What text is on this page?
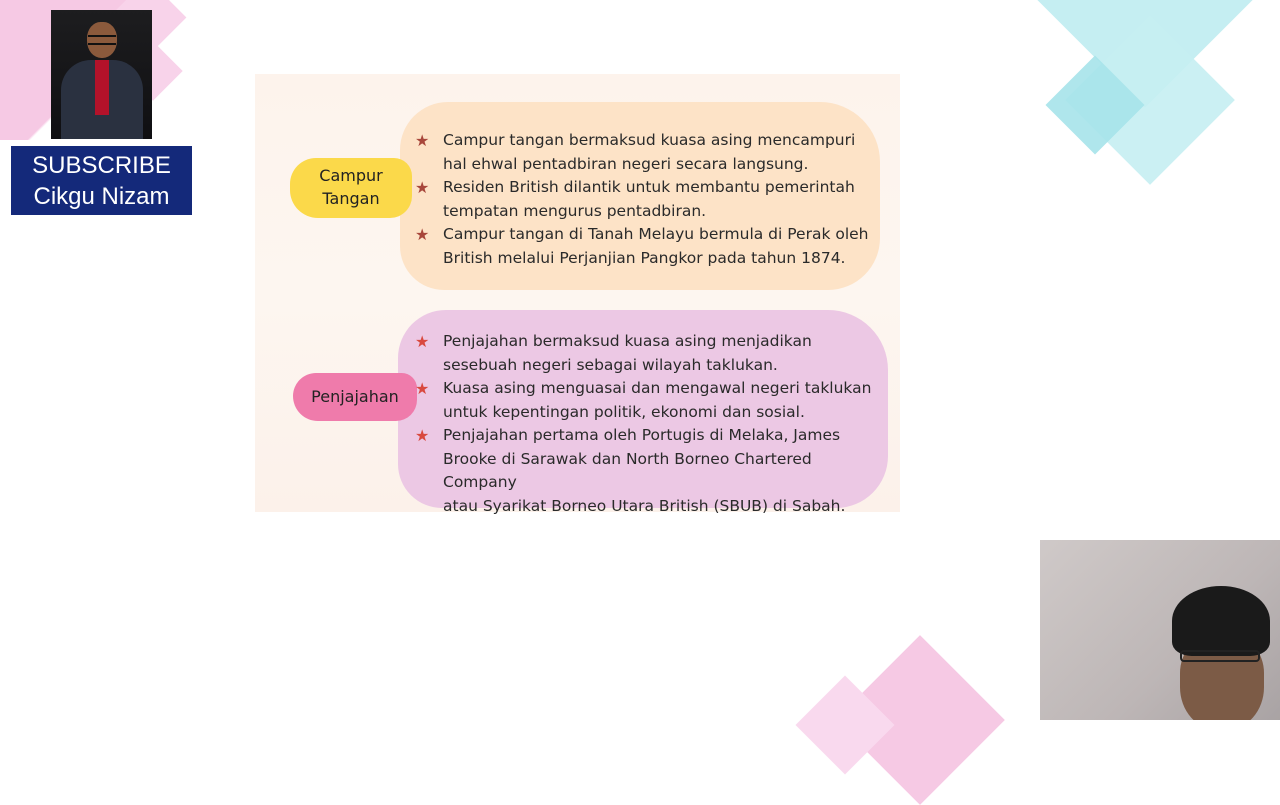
SUBSCRIBE
Cikgu Nizam
Campur
Tangan
Penjajahan
★ Campur tangan bermaksud kuasa asing mencampuri
hal ehwal pentadbiran negeri secara langsung.
★ Residen British dilantik untuk membantu pemerintah
tempatan mengurus pentadbiran.
★ Campur tangan di Tanah Melayu bermula di Perak oleh
British melalui Perjanjian Pangkor pada tahun 1874.
★ Penjajahan bermaksud kuasa asing menjadikan
sesebuah negeri sebagai wilayah taklukan.
★ Kuasa asing menguasai dan mengawal negeri taklukan
untuk kepentingan politik, ekonomi dan sosial.
★ Penjajahan pertama oleh Portugis di Melaka, James
Brooke di Sarawak dan North Borneo Chartered Company
atau Syarikat Borneo Utara British (SBUB) di Sabah.
